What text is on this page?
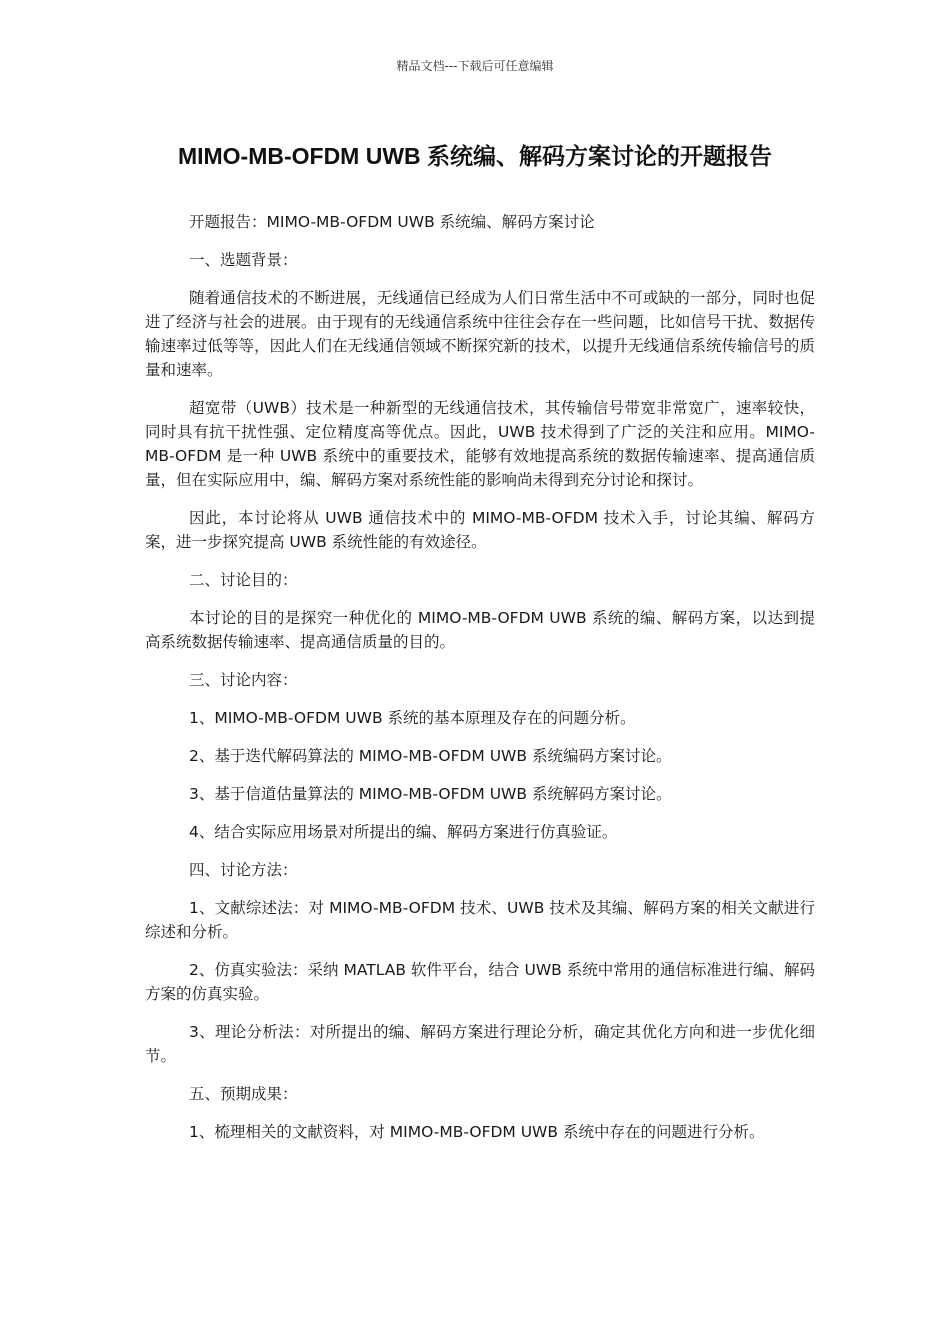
精品文档---下载后可任意编辑
MIMO-MB-OFDM UWB 系统编、解码方案讨论的开题报告

开题报告：MIMO-MB-OFDM UWB 系统编、解码方案讨论

一、选题背景：

随着通信技术的不断进展，无线通信已经成为人们日常生活中不可或缺的一部分，同时也促进了经济与社会的进展。由于现有的无线通信系统中往往会存在一些问题，比如信号干扰、数据传输速率过低等等，因此人们在无线通信领域不断探究新的技术，以提升无线通信系统传输信号的质量和速率。

超宽带（UWB）技术是一种新型的无线通信技术，其传输信号带宽非常宽广，速率较快，同时具有抗干扰性强、定位精度高等优点。因此，UWB 技术得到了广泛的关注和应用。MIMO-MB-OFDM 是一种 UWB 系统中的重要技术，能够有效地提高系统的数据传输速率、提高通信质量，但在实际应用中，编、解码方案对系统性能的影响尚未得到充分讨论和探讨。

因此，本讨论将从 UWB 通信技术中的 MIMO-MB-OFDM 技术入手，讨论其编、解码方案，进一步探究提高 UWB 系统性能的有效途径。

二、讨论目的：

本讨论的目的是探究一种优化的 MIMO-MB-OFDM UWB 系统的编、解码方案，以达到提高系统数据传输速率、提高通信质量的目的。

三、讨论内容：

1、MIMO-MB-OFDM UWB 系统的基本原理及存在的问题分析。

2、基于迭代解码算法的 MIMO-MB-OFDM UWB 系统编码方案讨论。

3、基于信道估量算法的 MIMO-MB-OFDM UWB 系统解码方案讨论。

4、结合实际应用场景对所提出的编、解码方案进行仿真验证。

四、讨论方法：

1、文献综述法：对 MIMO-MB-OFDM 技术、UWB 技术及其编、解码方案的相关文献进行综述和分析。

2、仿真实验法：采纳 MATLAB 软件平台，结合 UWB 系统中常用的通信标准进行编、解码方案的仿真实验。

3、理论分析法：对所提出的编、解码方案进行理论分析，确定其优化方向和进一步优化细节。

五、预期成果：

1、梳理相关的文献资料，对 MIMO-MB-OFDM UWB 系统中存在的问题进行分析。
